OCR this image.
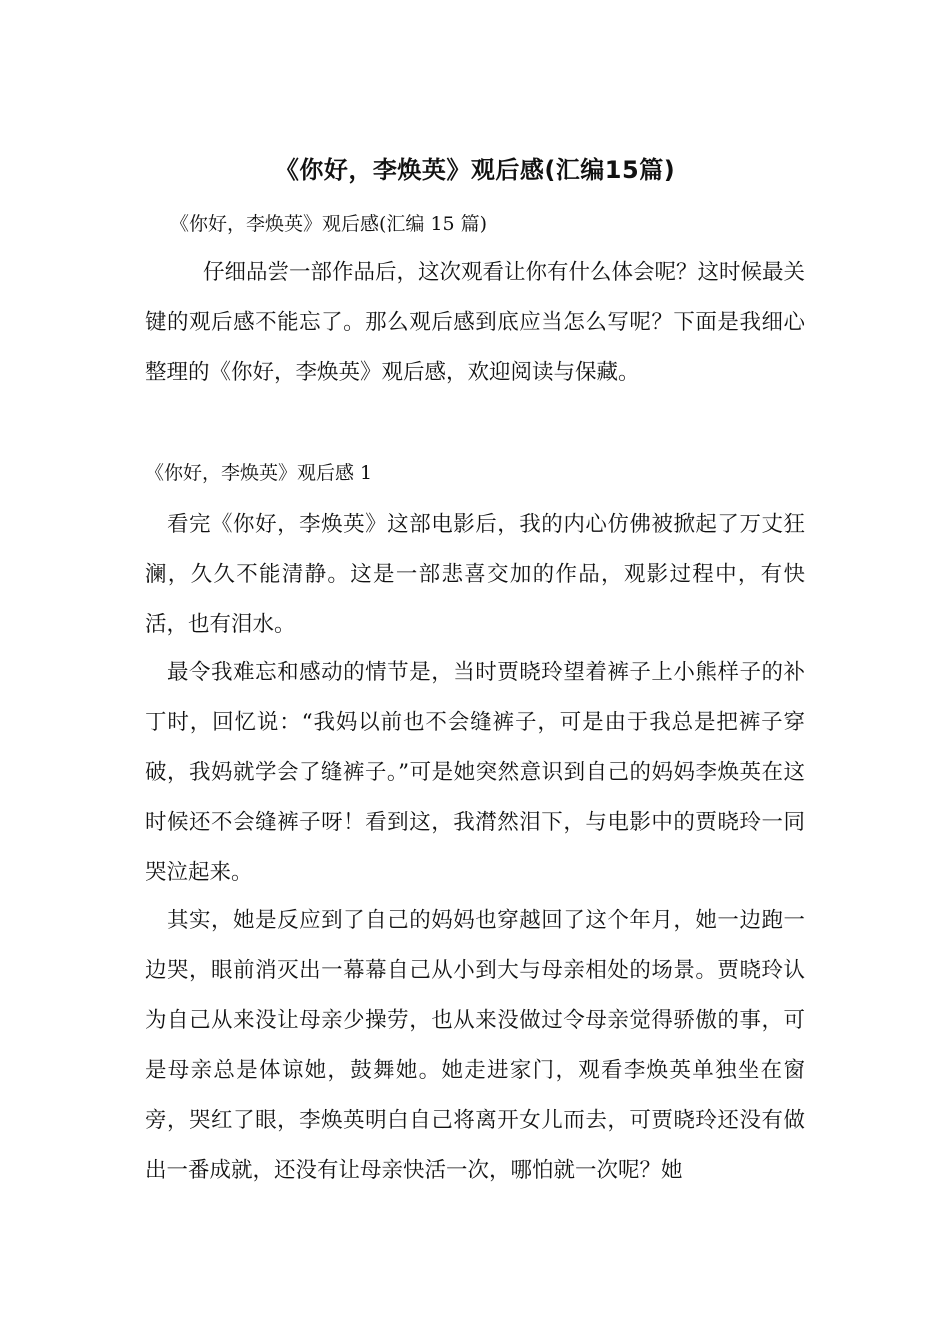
《你好，李焕英》观后感(汇编15篇)
《你好，李焕英》观后感(汇编 15 篇)

仔细品尝一部作品后，这次观看让你有什么体会呢？这时候最关键的观后感不能忘了。那么观后感到底应当怎么写呢？下面是我细心整理的《你好，李焕英》观后感，欢迎阅读与保藏。

《你好，李焕英》观后感 1

看完《你好，李焕英》这部电影后，我的内心仿佛被掀起了万丈狂澜，久久不能清静。这是一部悲喜交加的作品，观影过程中，有快活，也有泪水。

最令我难忘和感动的情节是，当时贾晓玲望着裤子上小熊样子的补丁时，回忆说：“我妈以前也不会缝裤子，可是由于我总是把裤子穿破，我妈就学会了缝裤子。”可是她突然意识到自己的妈妈李焕英在这时候还不会缝裤子呀！看到这，我潸然泪下，与电影中的贾晓玲一同哭泣起来。

其实，她是反应到了自己的妈妈也穿越回了这个年月，她一边跑一边哭，眼前消灭出一幕幕自己从小到大与母亲相处的场景。贾晓玲认为自己从来没让母亲少操劳，也从来没做过令母亲觉得骄傲的事，可是母亲总是体谅她，鼓舞她。她走进家门，观看李焕英单独坐在窗旁，哭红了眼，李焕英明白自己将离开女儿而去，可贾晓玲还没有做出一番成就，还没有让母亲快活一次，哪怕就一次呢？她
